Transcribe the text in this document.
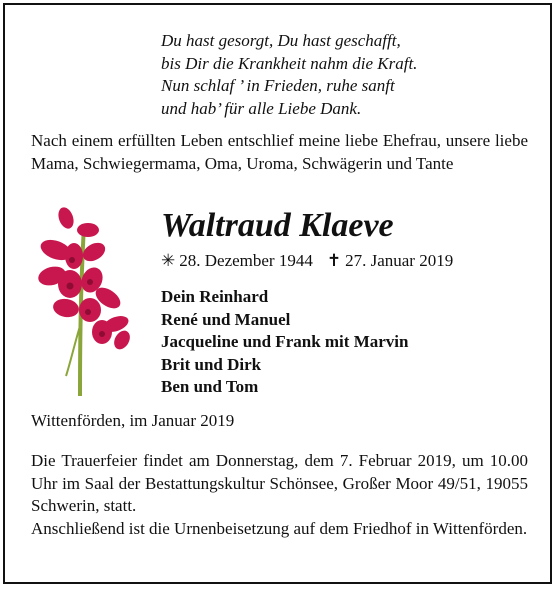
Du hast gesorgt, Du hast geschafft,
bis Dir die Krankheit nahm die Kraft.
Nun schlaf ’ in Frieden, ruhe sanft
und hab’ für alle Liebe Dank.
Nach einem erfüllten Leben entschlief meine liebe Ehefrau, unsere liebe Mama, Schwiegermama, Oma, Uroma, Schwägerin und Tante
Waltraud Klaeve
✳ 28. Dezember 1944 ✝ 27. Januar 2019
Dein Reinhard
René und Manuel
Jacqueline und Frank mit Marvin
Brit und Dirk
Ben und Tom
Wittenförden, im Januar 2019

Die Trauerfeier findet am Donnerstag, dem 7. Februar 2019, um 10.00 Uhr im Saal der Bestattungskultur Schönsee, Großer Moor 49/51, 19055 Schwerin, statt.

Anschließend ist die Urnenbeisetzung auf dem Friedhof in Wittenförden.
